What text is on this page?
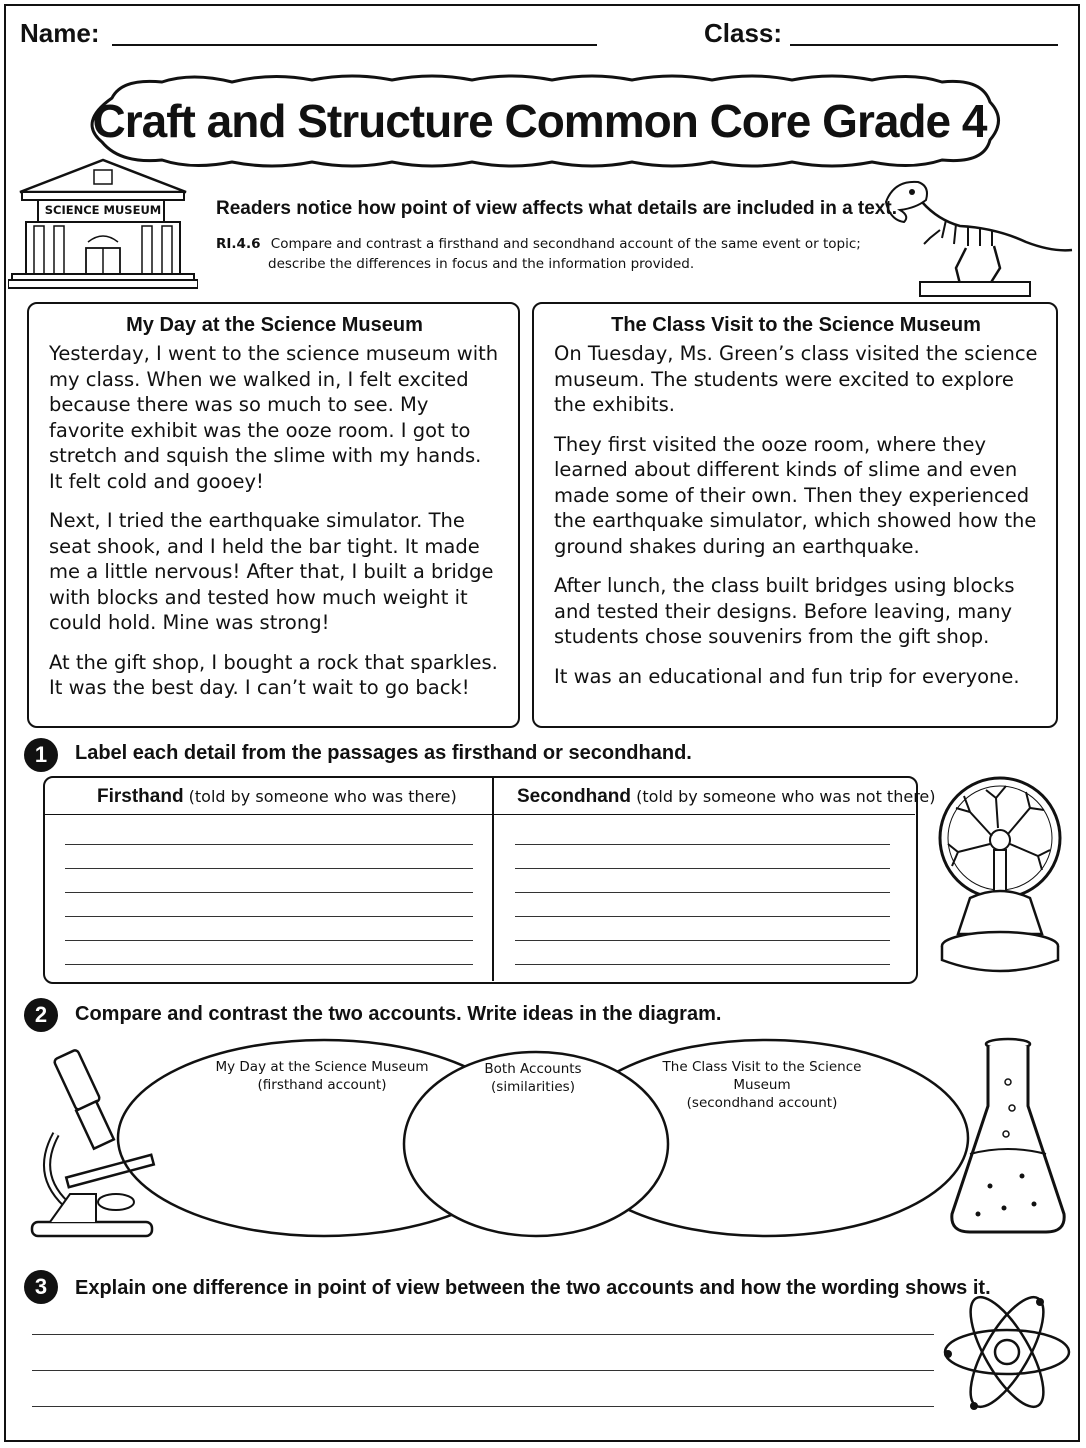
Name:	Class:
Craft and Structure Common Core Grade 4
SCIENCE MUSEUM	Readers notice how point of view affects what details are included in a text.
RI.4.6 Compare and contrast a firsthand and secondhand account of the same event or topic;
describe the differences in focus and the information provided.
My Day at the Science Museum

Yesterday, I went to the science museum with my class. When we walked in, I felt excited because there was so much to see. My favorite exhibit was the ooze room. I got to stretch and squish the slime with my hands. It felt cold and gooey!

Next, I tried the earthquake simulator. The seat shook, and I held the bar tight. It made me a little nervous! After that, I built a bridge with blocks and tested how much weight it could hold. Mine was strong!

At the gift shop, I bought a rock that sparkles. It was the best day. I can’t wait to go back!

The Class Visit to the Science Museum

On Tuesday, Ms. Green’s class visited the science museum. The students were excited to explore the exhibits.

They first visited the ooze room, where they learned about different kinds of slime and even made some of their own. Then they experienced the earthquake simulator, which showed how the ground shakes during an earthquake.

After lunch, the class built bridges using blocks and tested their designs. Before leaving, many students chose souvenirs from the gift shop.

It was an educational and fun trip for everyone.

1	Label each detail from the passages as firsthand or secondhand.
Firsthand (told by someone who was there)	Secondhand (told by someone who was not there)
2	Compare and contrast the two accounts. Write ideas in the diagram.
My Day at the Science Museum
(firsthand account)
Both Accounts
(similarities)
The Class Visit to the Science Museum
(secondhand account)
3	Explain one difference in point of view between the two accounts and how the wording shows it.
